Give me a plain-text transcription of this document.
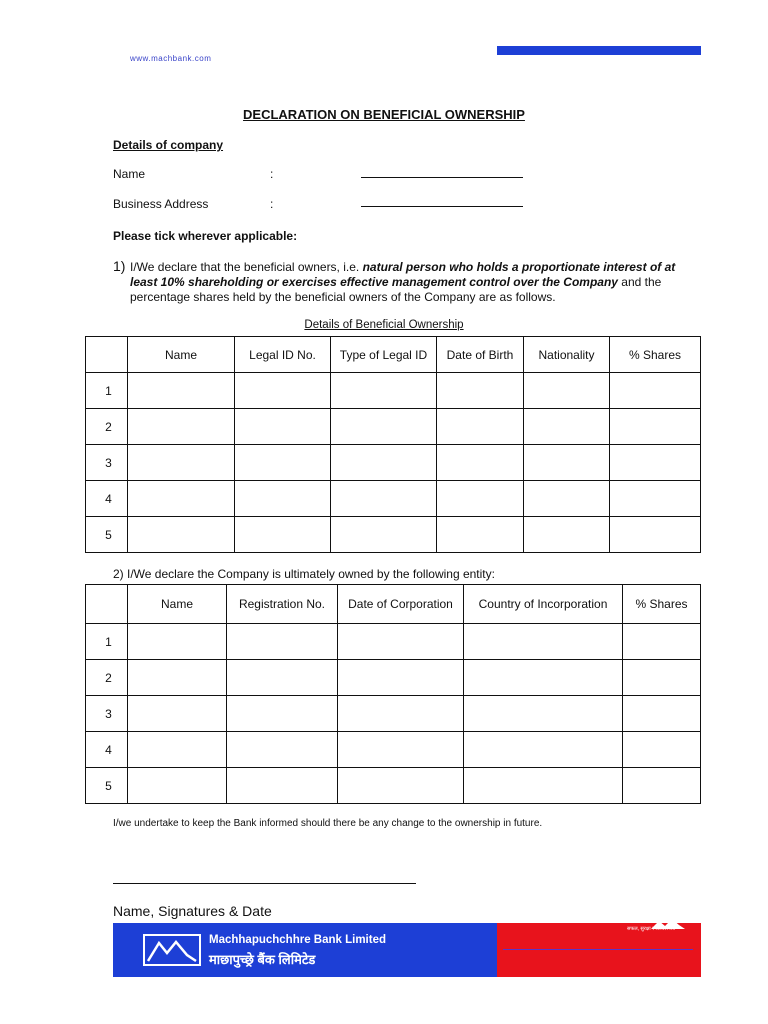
www.machbank.com
DECLARATION ON BENEFICIAL OWNERSHIP
Details of company
Name	:
Business Address	:
Please tick wherever applicable:
1) I/We declare that the beneficial owners, i.e. natural person who holds a proportionate interest of at least 10% shareholding or exercises effective management control over the Company and the percentage shares held by the beneficial owners of the Company are as follows.
Details of Beneficial Ownership
	Name	Legal ID No.	Type of Legal ID	Date of Birth	Nationality	% Shares
1						
2						
3						
4						
5						
2) I/We declare the Company is ultimately owned by the following entity:
	Name	Registration No.	Date of Corporation	Country of Incorporation	% Shares
1					
2					
3					
4					
5					
I/we undertake to keep the Bank informed should there be any change to the ownership in future.
Name, Signatures & Date
Machhapuchchhre Bank Limited
माछापुच्छ्रे बैंक लिमिटेड
सफल, सुरक्षा र विश्वसनीय
